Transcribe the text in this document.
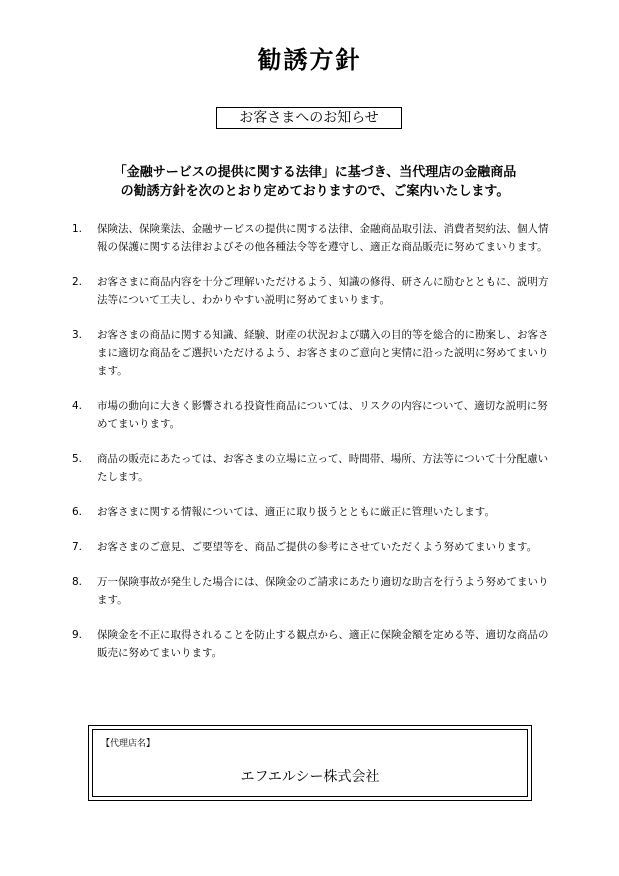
勧誘方針
お客さまへのお知らせ
「金融サービスの提供に関する法律」に基づき、当代理店の金融商品
の勧誘方針を次のとおり定めておりますので、ご案内いたします。
1.	保険法、保険業法、金融サービスの提供に関する法律、金融商品取引法、消費者契約法、個人情報の保護に関する法律およびその他各種法令等を遵守し、適正な商品販売に努めてまいります。
2.	お客さまに商品内容を十分ご理解いただけるよう、知識の修得、研さんに励むとともに、説明方法等について工夫し、わかりやすい説明に努めてまいります。
3.	お客さまの商品に関する知識、経験、財産の状況および購入の目的等を総合的に勘案し、お客さまに適切な商品をご選択いただけるよう、お客さまのご意向と実情に沿った説明に努めてまいります。
4.	市場の動向に大きく影響される投資性商品については、リスクの内容について、適切な説明に努めてまいります。
5.	商品の販売にあたっては、お客さまの立場に立って、時間帯、場所、方法等について十分配慮いたします。
6.	お客さまに関する情報については、適正に取り扱うとともに厳正に管理いたします。
7.	お客さまのご意見、ご要望等を、商品ご提供の参考にさせていただくよう努めてまいります。
8.	万一保険事故が発生した場合には、保険金のご請求にあたり適切な助言を行うよう努めてまいります。
9.	保険金を不正に取得されることを防止する観点から、適正に保険金額を定める等、適切な商品の販売に努めてまいります。
【代理店名】
エフエルシー株式会社
